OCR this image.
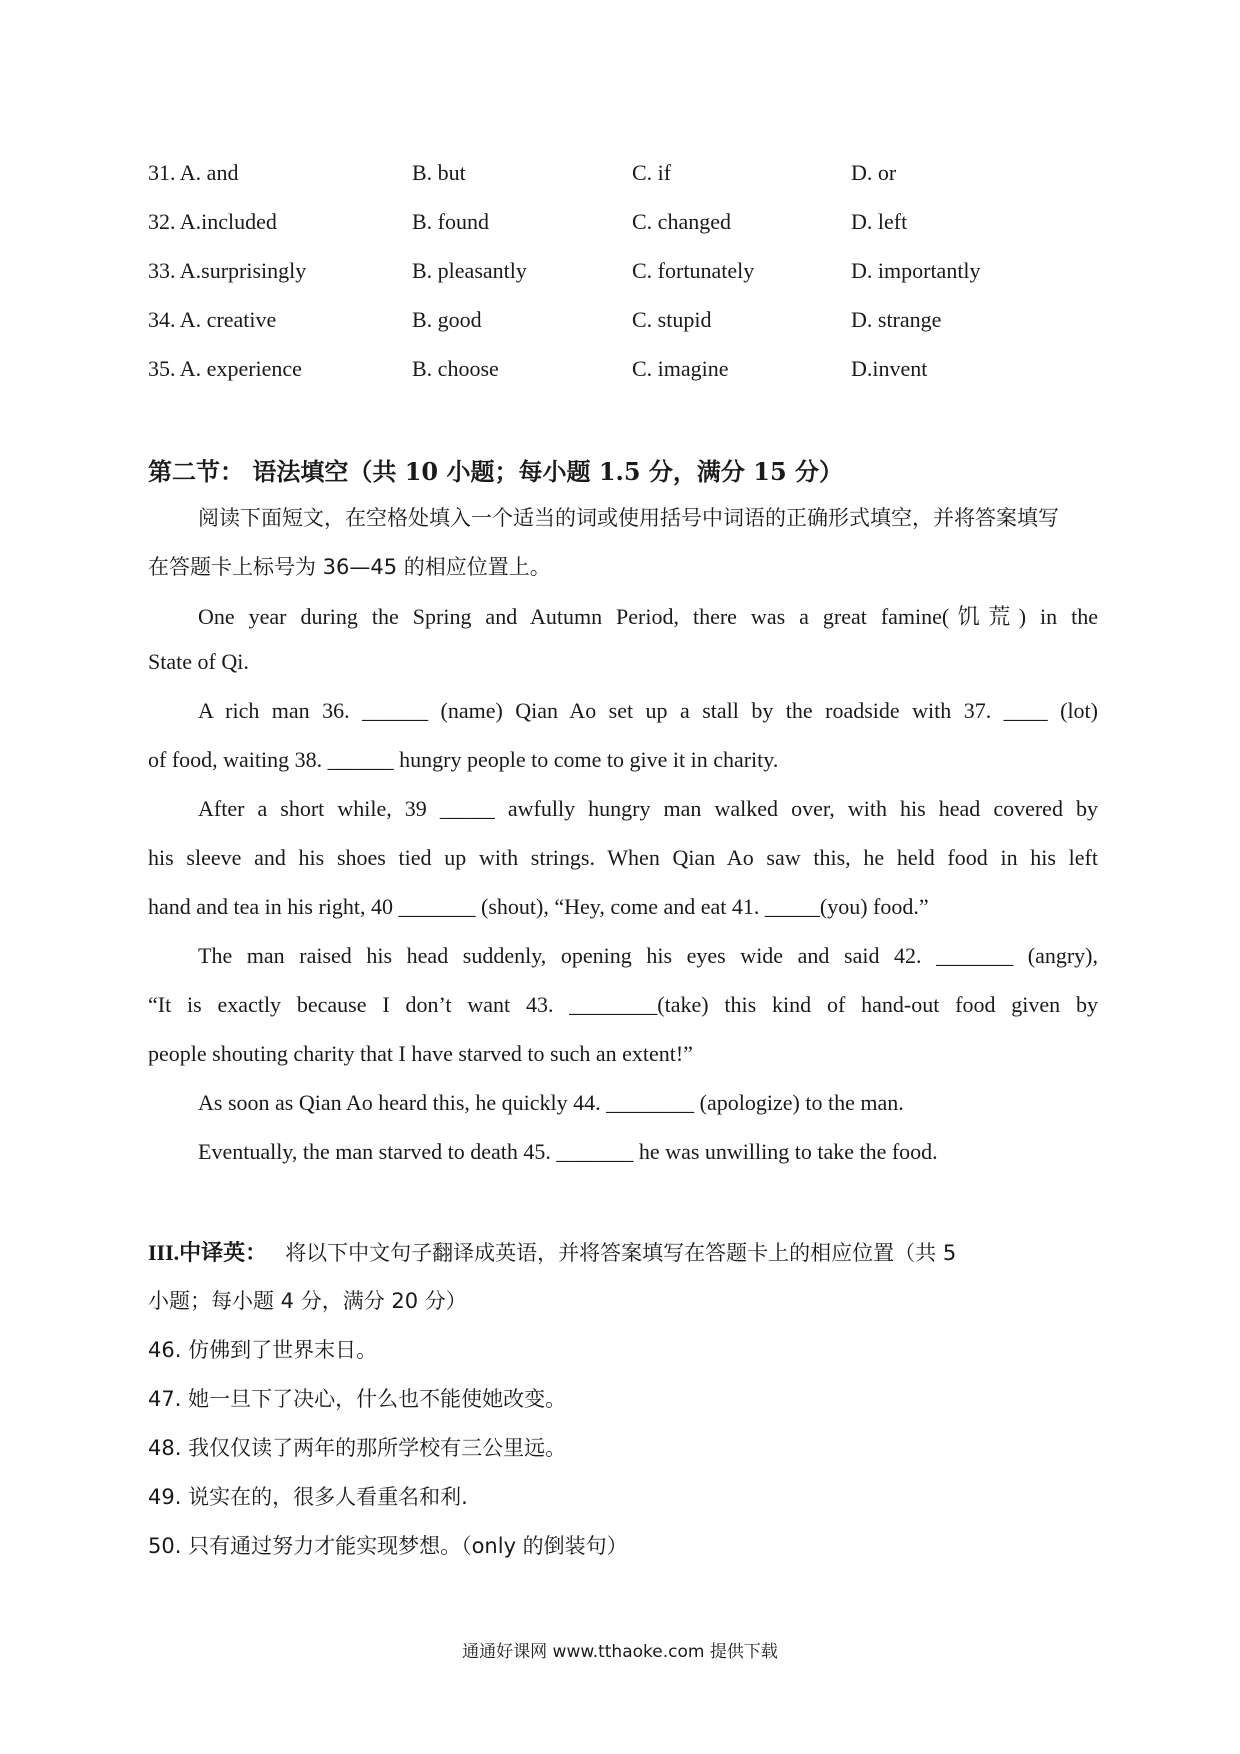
31. A. and	B. but	C. if	D. or
32. A.included	B. found	C. changed	D. left
33. A.surprisingly	B. pleasantly	C. fortunately	D. importantly
34. A. creative	B. good	C. stupid	D. strange
35. A. experience	B. choose	C. imagine	D.invent
第二节： 语法填空（共 10 小题；每小题 1.5 分，满分 15 分）
阅读下面短文，在空格处填入一个适当的词或使用括号中词语的正确形式填空，并将答案填写
在答题卡上标号为 36—45 的相应位置上。
One year during the Spring and Autumn Period, there was a great famine(饥荒) in the
State of Qi.
A rich man 36. ______ (name) Qian Ao set up a stall by the roadside with 37. ____ (lot)
of food, waiting 38. ______ hungry people to come to give it in charity.
After a short while, 39 _____ awfully hungry man walked over, with his head covered by
his sleeve and his shoes tied up with strings. When Qian Ao saw this, he held food in his left
hand and tea in his right, 40 _______ (shout), “Hey, come and eat 41. _____(you) food.”
The man raised his head suddenly, opening his eyes wide and said 42. _______ (angry),
“It is exactly because I don’t want 43. ________(take) this kind of hand-out food given by
people shouting charity that I have starved to such an extent!”
As soon as Qian Ao heard this, he quickly 44. ________ (apologize) to the man.
Eventually, the man starved to death 45. _______ he was unwilling to take the food.
III.中译英： 将以下中文句子翻译成英语，并将答案填写在答题卡上的相应位置（共 5
小题；每小题 4 分，满分 20 分）
46. 仿佛到了世界末日。
47. 她一旦下了决心，什么也不能使她改变。
48. 我仅仅读了两年的那所学校有三公里远。
49. 说实在的，很多人看重名和利.
50. 只有通过努力才能实现梦想。（only 的倒装句）
通通好课网 www.tthaoke.com 提供下载
